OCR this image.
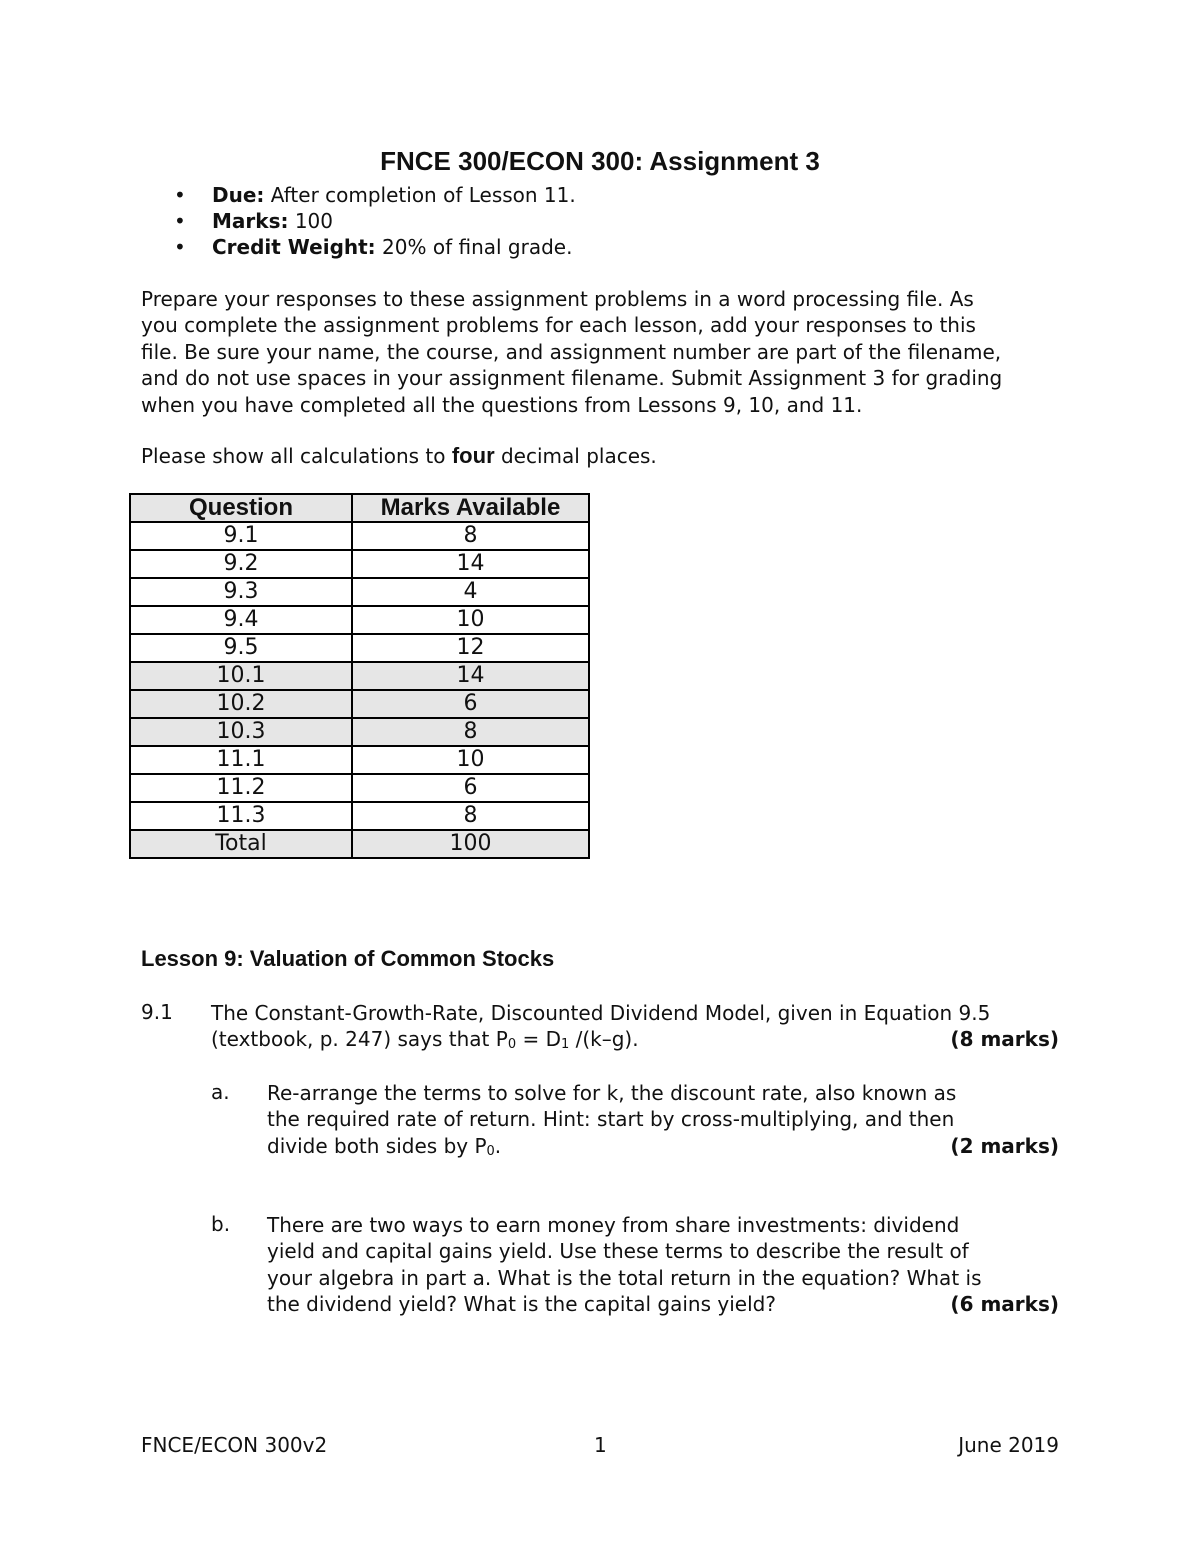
FNCE 300/ECON 300: Assignment 3
• Due: After completion of Lesson 11.
• Marks: 100
• Credit Weight: 20% of final grade.
Prepare your responses to these assignment problems in a word processing file. As
you complete the assignment problems for each lesson, add your responses to this
file. Be sure your name, the course, and assignment number are part of the filename,
and do not use spaces in your assignment filename. Submit Assignment 3 for grading
when you have completed all the questions from Lessons 9, 10, and 11.
Please show all calculations to four decimal places.
Question	Marks Available
9.1	8
9.2	14
9.3	4
9.4	10
9.5	12
10.1	14
10.2	6
10.3	8
11.1	10
11.2	6
11.3	8
Total	100
Lesson 9: Valuation of Common Stocks
9.1 The Constant-Growth-Rate, Discounted Dividend Model, given in Equation 9.5
(textbook, p. 247) says that $P_0 = D_1$ /(k–g).	(8 marks)
a. Re-arrange the terms to solve for k, the discount rate, also known as
the required rate of return. Hint: start by cross-multiplying, and then
divide both sides by $P_0$.	(2 marks)
b. There are two ways to earn money from share investments: dividend
yield and capital gains yield. Use these terms to describe the result of
your algebra in part a. What is the total return in the equation? What is
the dividend yield? What is the capital gains yield?	(6 marks)
FNCE/ECON 300v2	1	June 2019
